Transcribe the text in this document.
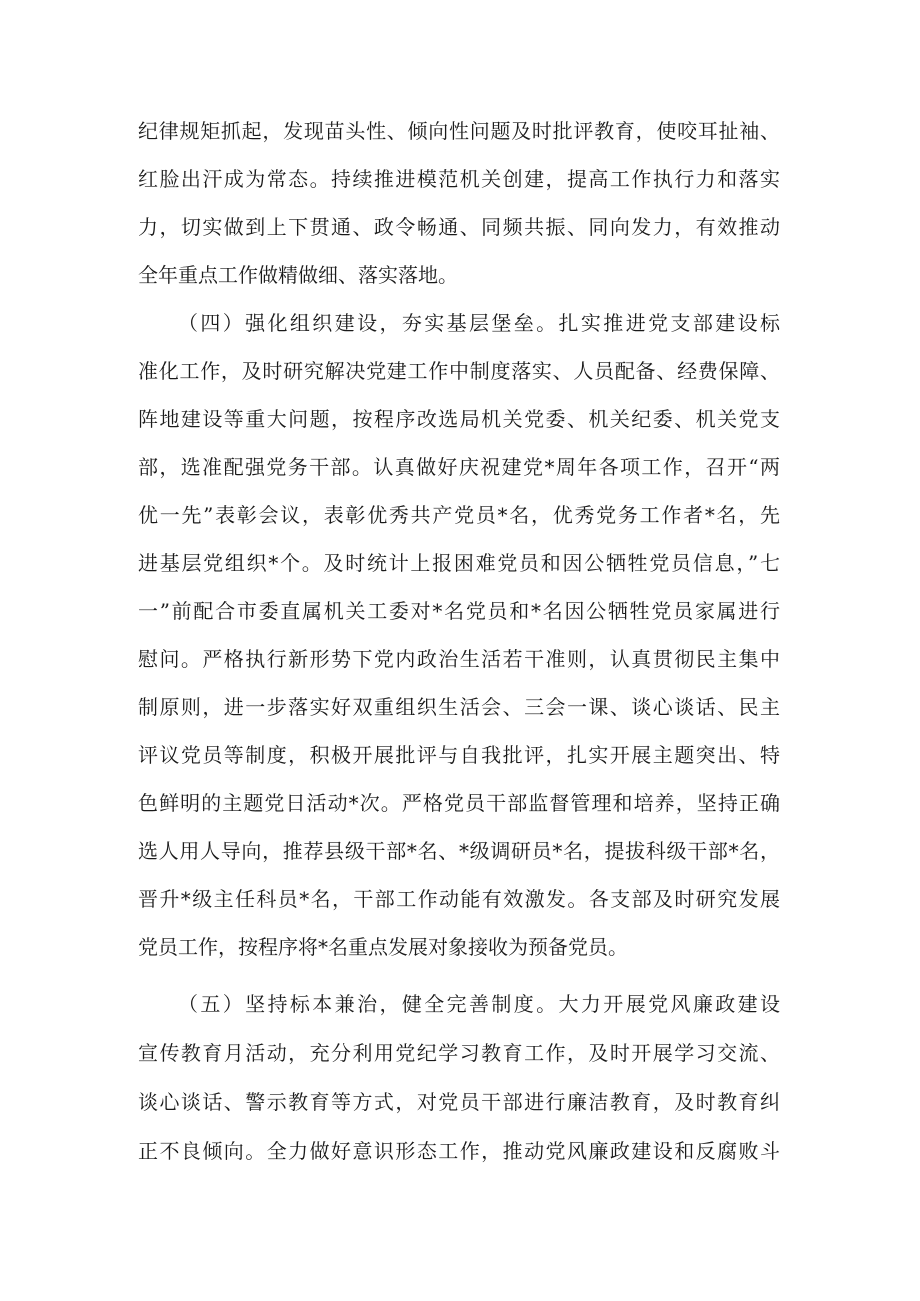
纪律规矩抓起，发现苗头性、倾向性问题及时批评教育，使咬耳扯袖、
红脸出汗成为常态。持续推进模范机关创建，提高工作执行力和落实
力，切实做到上下贯通、政令畅通、同频共振、同向发力，有效推动
全年重点工作做精做细、落实落地。
（四）强化组织建设，夯实基层堡垒。扎实推进党支部建设标
准化工作，及时研究解决党建工作中制度落实、人员配备、经费保障、
阵地建设等重大问题，按程序改选局机关党委、机关纪委、机关党支
部，选准配强党务干部。认真做好庆祝建党*周年各项工作，召开“两
优一先”表彰会议，表彰优秀共产党员*名，优秀党务工作者*名，先
进基层党组织*个。及时统计上报困难党员和因公牺牲党员信息，”七
一”前配合市委直属机关工委对*名党员和*名因公牺牲党员家属进行
慰问。严格执行新形势下党内政治生活若干准则，认真贯彻民主集中
制原则，进一步落实好双重组织生活会、三会一课、谈心谈话、民主
评议党员等制度，积极开展批评与自我批评，扎实开展主题突出、特
色鲜明的主题党日活动*次。严格党员干部监督管理和培养，坚持正确
选人用人导向，推荐县级干部*名、*级调研员*名，提拔科级干部*名，
晋升*级主任科员*名，干部工作动能有效激发。各支部及时研究发展
党员工作，按程序将*名重点发展对象接收为预备党员。
（五）坚持标本兼治，健全完善制度。大力开展党风廉政建设
宣传教育月活动，充分利用党纪学习教育工作，及时开展学习交流、
谈心谈话、警示教育等方式，对党员干部进行廉洁教育，及时教育纠
正不良倾向。全力做好意识形态工作，推动党风廉政建设和反腐败斗
